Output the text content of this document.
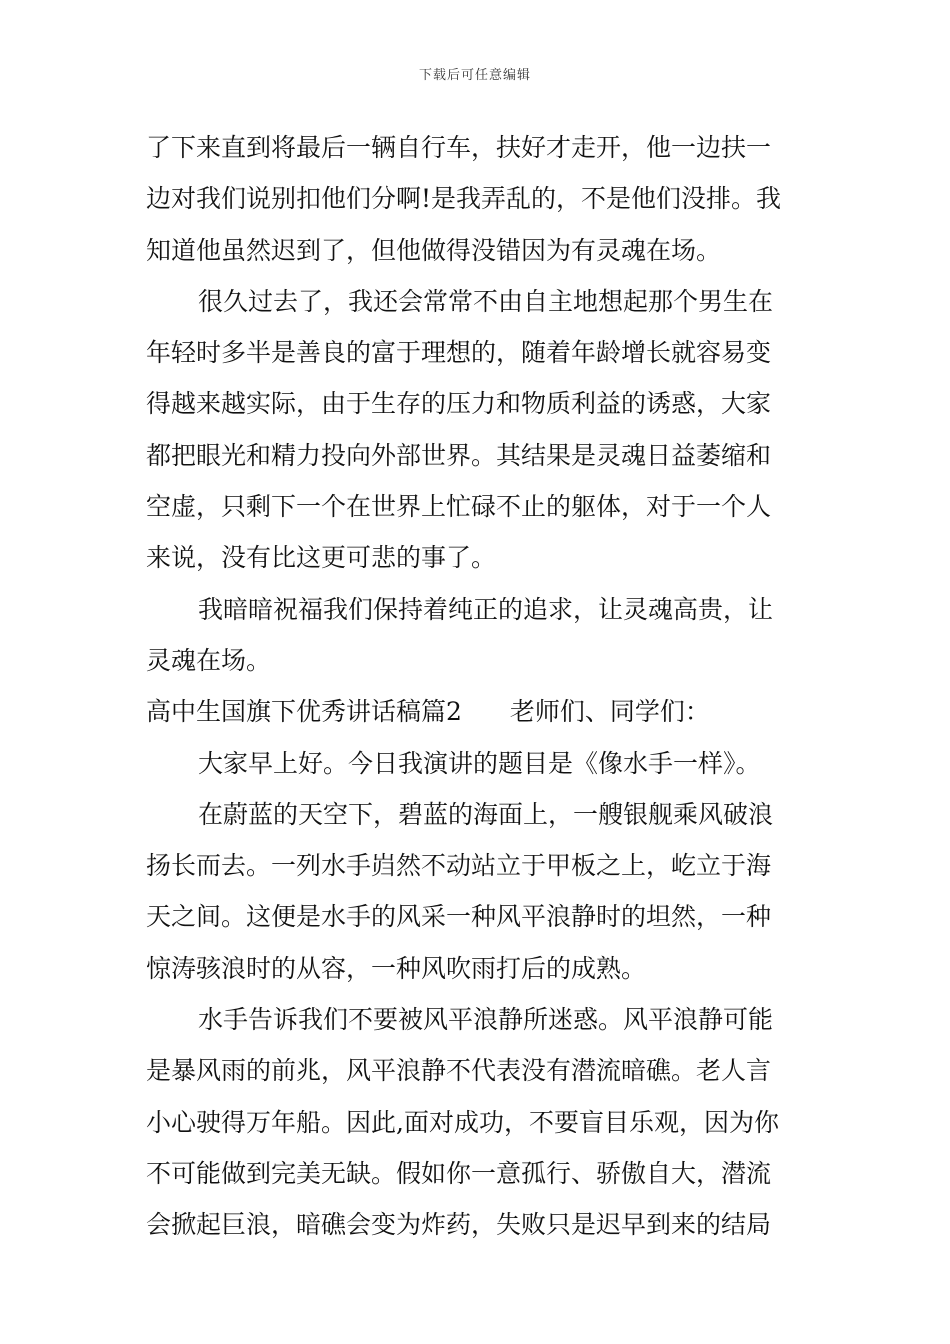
下载后可任意编辑
了下来直到将最后一辆自行车，扶好才走开，他一边扶一
边对我们说别扣他们分啊!是我弄乱的，不是他们没排。我
知道他虽然迟到了，但他做得没错因为有灵魂在场。
很久过去了，我还会常常不由自主地想起那个男生在
年轻时多半是善良的富于理想的，随着年龄增长就容易变
得越来越实际，由于生存的压力和物质利益的诱惑，大家
都把眼光和精力投向外部世界。其结果是灵魂日益萎缩和
空虚，只剩下一个在世界上忙碌不止的躯体，对于一个人
来说，没有比这更可悲的事了。
我暗暗祝福我们保持着纯正的追求，让灵魂高贵，让
灵魂在场。
高中生国旗下优秀讲话稿篇2 老师们、同学们：
大家早上好。今日我演讲的题目是《像水手一样》。
在蔚蓝的天空下，碧蓝的海面上，一艘银舰乘风破浪
扬长而去。一列水手岿然不动站立于甲板之上，屹立于海
天之间。这便是水手的风采一种风平浪静时的坦然，一种
惊涛骇浪时的从容，一种风吹雨打后的成熟。
水手告诉我们不要被风平浪静所迷惑。风平浪静可能
是暴风雨的前兆，风平浪静不代表没有潜流暗礁。老人言
小心驶得万年船。因此,面对成功，不要盲目乐观，因为你
不可能做到完美无缺。假如你一意孤行、骄傲自大，潜流
会掀起巨浪，暗礁会变为炸药，失败只是迟早到来的结局
